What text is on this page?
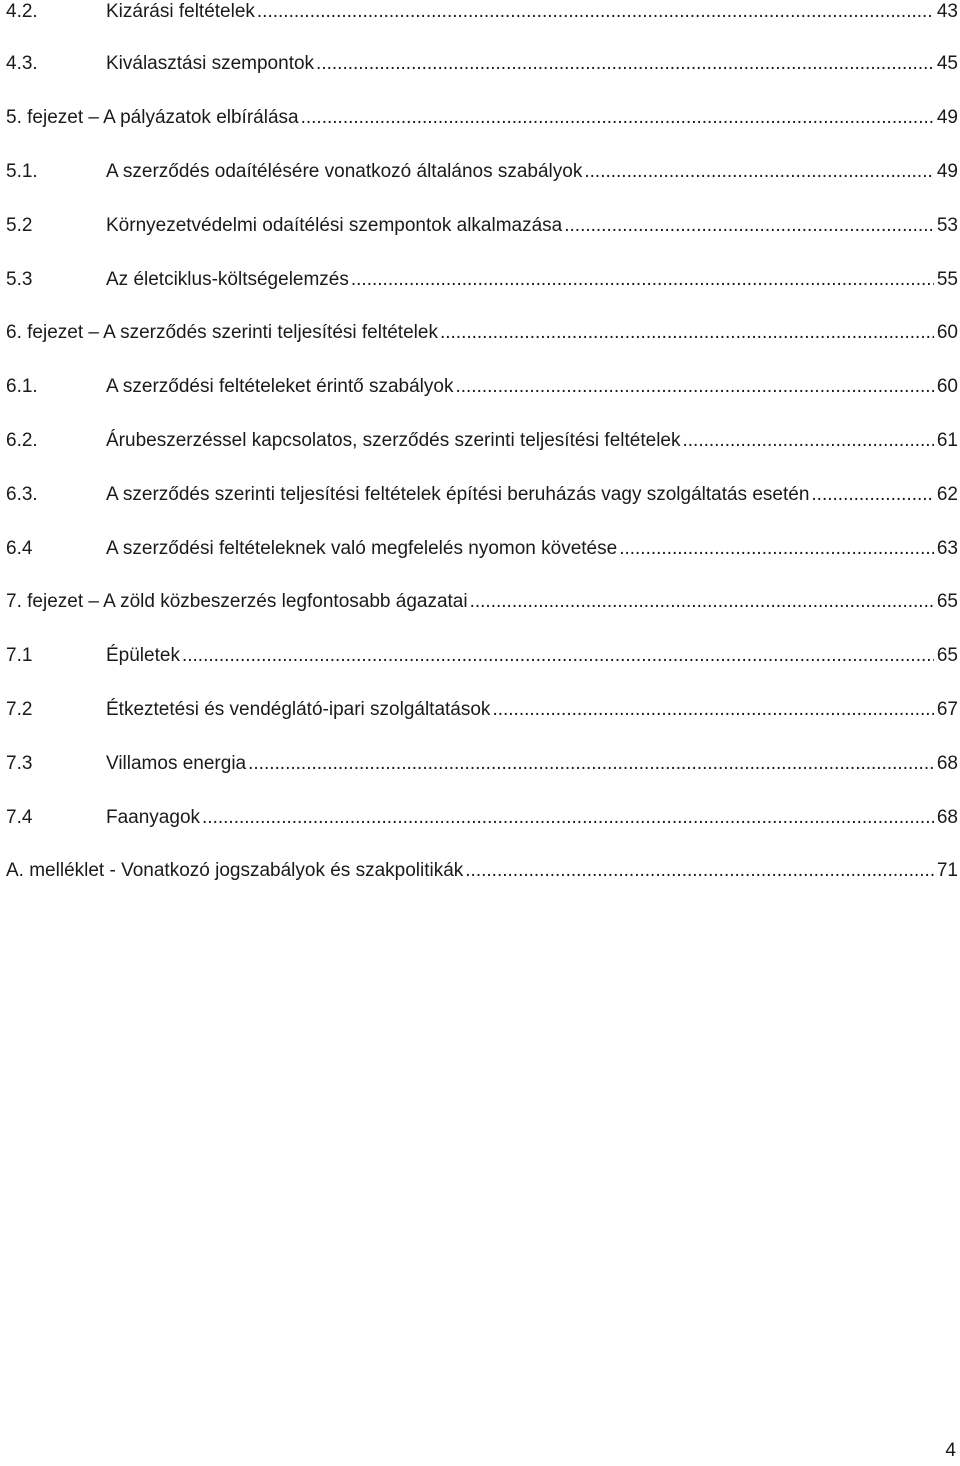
4.2.	Kizárási feltételek .....	43
4.3.	Kiválasztási szempontok .....	45
5. fejezet – A pályázatok elbírálása .....	49
5.1.	A szerződés odaítélésére vonatkozó általános szabályok .....	49
5.2	Környezetvédelmi odaítélési szempontok alkalmazása .....	53
5.3	Az életciklus-költségelemzés .....	55
6. fejezet – A szerződés szerinti teljesítési feltételek .....	60
6.1.	A szerződési feltételeket érintő szabályok .....	60
6.2.	Árubeszerzéssel kapcsolatos, szerződés szerinti teljesítési feltételek .....	61
6.3.	A szerződés szerinti teljesítési feltételek építési beruházás vagy szolgáltatás esetén .....	62
6.4	A szerződési feltételeknek való megfelelés nyomon követése .....	63
7. fejezet – A zöld közbeszerzés legfontosabb ágazatai .....	65
7.1	Épületek .....	65
7.2	Étkeztetési és vendéglátó-ipari szolgáltatások .....	67
7.3	Villamos energia .....	68
7.4	Faanyagok .....	68
A. melléklet - Vonatkozó jogszabályok és szakpolitikák .....	71
4
